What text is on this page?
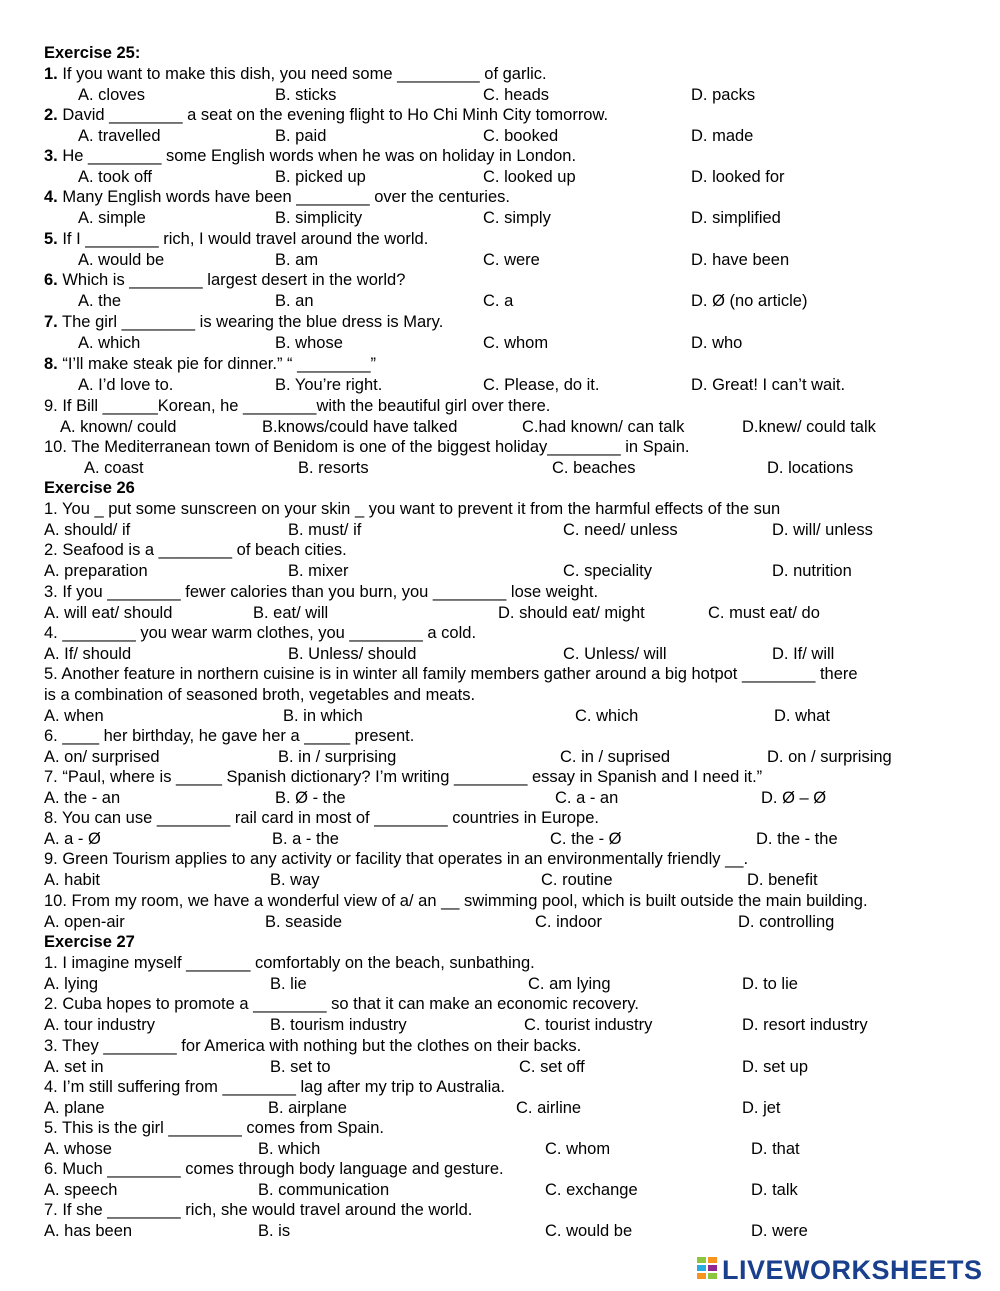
Exercise 25:
1. If you want to make this dish, you need some _________ of garlic.
A. cloves	B. sticks	C. heads	D. packs
2. David ________ a seat on the evening flight to Ho Chi Minh City tomorrow.
A. travelled	B. paid	C. booked	D. made
3. He ________ some English words when he was on holiday in London.
A. took off	B. picked up	C. looked up	D. looked for
4. Many English words have been ________ over the centuries.
A. simple	B. simplicity	C. simply	D. simplified
5. If I ________ rich, I would travel around the world.
A. would be	B. am	C. were	D. have been
6. Which is ________ largest desert in the world?
A. the	B. an	C. a	D. Ø (no article)
7. The girl ________ is wearing the blue dress is Mary.
A. which	B. whose	C. whom	D. who
8. “I’ll make steak pie for dinner.” “ ________”
A. I’d love to.	B. You’re right.	C. Please, do it.	D. Great! I can’t wait.
9. If Bill ______Korean, he ________with the beautiful girl over there.
A. known/ could	B.knows/could have talked	C.had known/ can talk	D.knew/ could talk
10. The Mediterranean town of Benidom is one of the biggest holiday________ in Spain.
A. coast	B. resorts	C. beaches	D. locations
Exercise 26
1. You _ put some sunscreen on your skin _ you want to prevent it from the harmful effects of the sun
A. should/ if	B. must/ if	C. need/ unless	D. will/ unless
2. Seafood is a ________ of beach cities.
A. preparation	B. mixer	C. speciality	D. nutrition
3. If you ________ fewer calories than you burn, you ________ lose weight.
A. will eat/ should	B. eat/ will	D. should eat/ might	C. must eat/ do
4. ________ you wear warm clothes, you ________ a cold.
A. If/ should	B. Unless/ should	C. Unless/ will	D. If/ will
5. Another feature in northern cuisine is in winter all family members gather around a big hotpot ________ there
is a combination of seasoned broth, vegetables and meats.
A. when	B. in which	C. which	D. what
6. ____ her birthday, he gave her a _____ present.
A. on/ surprised	B. in / surprising	C. in / suprised	D. on / surprising
7. “Paul, where is _____ Spanish dictionary? I’m writing ________ essay in Spanish and I need it.”
A. the - an	B. Ø - the	C. a - an	D. Ø – Ø
8. You can use ________ rail card in most of ________ countries in Europe.
A. a - Ø	B. a - the	C. the - Ø	D. the - the
9. Green Tourism applies to any activity or facility that operates in an environmentally friendly __.
A. habit	B. way	C. routine	D. benefit
10. From my room, we have a wonderful view of a/ an __ swimming pool, which is built outside the main building.
A. open-air	B. seaside	C. indoor	D. controlling
Exercise 27
1. I imagine myself _______ comfortably on the beach, sunbathing.
A. lying	B. lie	C. am lying	D. to lie
2. Cuba hopes to promote a ________ so that it can make an economic recovery.
A. tour industry	B. tourism industry	C. tourist industry	D. resort industry
3. They ________ for America with nothing but the clothes on their backs.
A. set in	B. set to	C. set off	D. set up
4. I’m still suffering from ________ lag after my trip to Australia.
A. plane	B. airplane	C. airline	D. jet
5. This is the girl ________ comes from Spain.
A. whose	B. which	C. whom	D. that
6. Much ________ comes through body language and gesture.
A. speech	B. communication	C. exchange	D. talk
7. If she ________ rich, she would travel around the world.
A. has been	B. is	C. would be	D. were
LIVEWORKSHEETS
